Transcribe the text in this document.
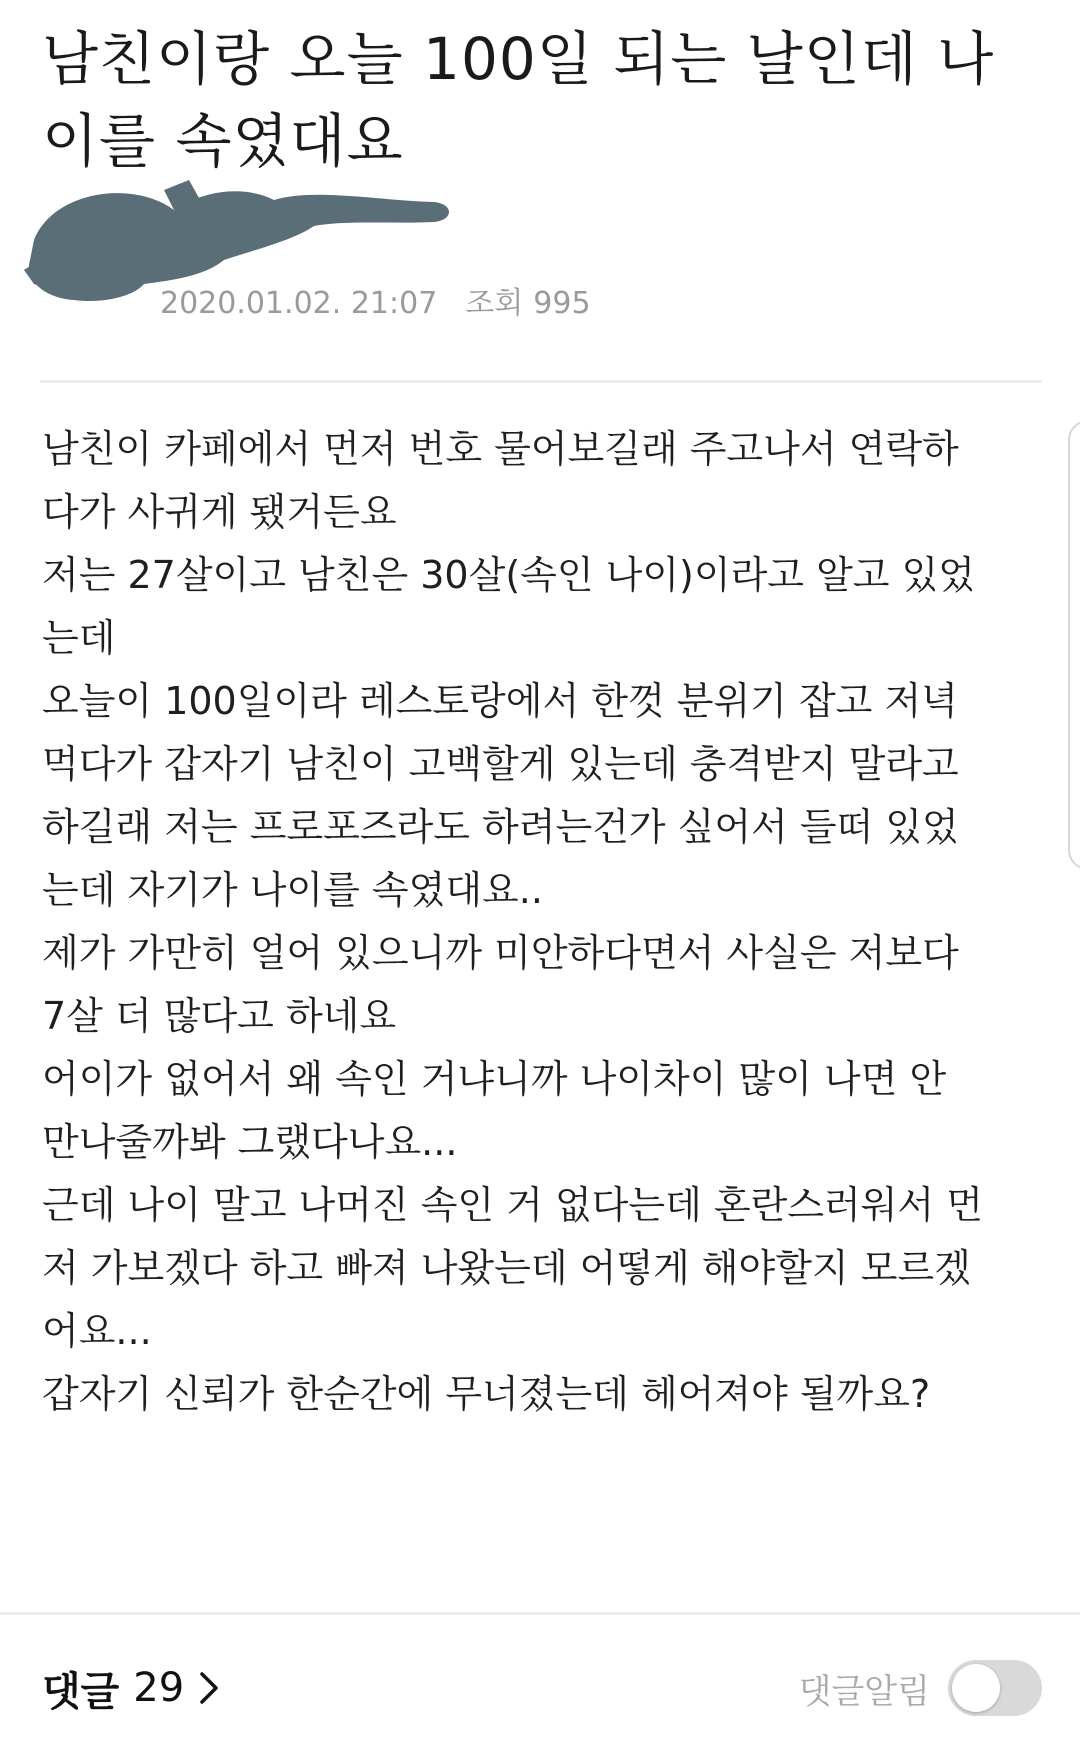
남친이랑 오늘 100일 되는 날인데 나이를 속였대요
2020.01.02. 21:07 조회 995

남친이 카페에서 먼저 번호 물어보길래 주고나서 연락하

다가 사귀게 됐거든요

저는 27살이고 남친은 30살(속인 나이)이라고 알고 있었

는데

오늘이 100일이라 레스토랑에서 한껏 분위기 잡고 저녁

먹다가 갑자기 남친이 고백할게 있는데 충격받지 말라고

하길래 저는 프로포즈라도 하려는건가 싶어서 들떠 있었

는데 자기가 나이를 속였대요..

제가 가만히 얼어 있으니까 미안하다면서 사실은 저보다

7살 더 많다고 하네요

어이가 없어서 왜 속인 거냐니까 나이차이 많이 나면 안

만나줄까봐 그랬다나요...

근데 나이 말고 나머진 속인 거 없다는데 혼란스러워서 먼

저 가보겠다 하고 빠져 나왔는데 어떻게 해야할지 모르겠

어요...

갑자기 신뢰가 한순간에 무너졌는데 헤어져야 될까요?

댓글 29	댓글알림
